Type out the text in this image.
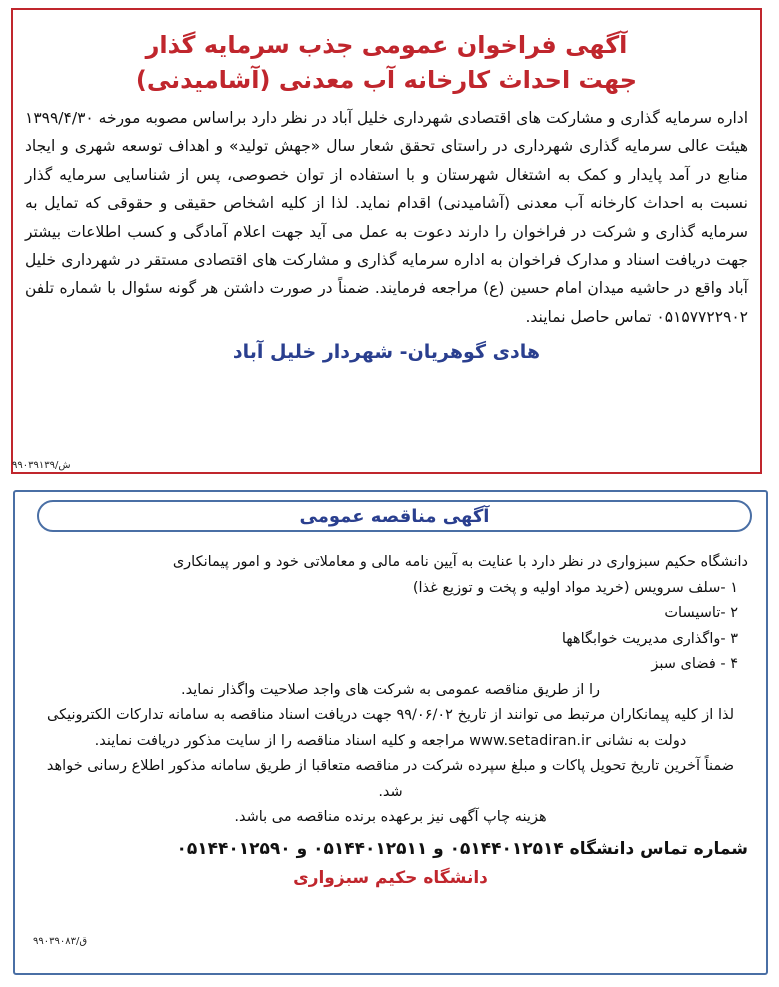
آگهی فراخوان عمومی جذب سرمایه گذار
جهت احداث کارخانه آب معدنی (آشامیدنی)

اداره سرمایه گذاری و مشارکت های اقتصادی شهرداری خلیل آباد در نظر دارد براساس مصوبه مورخه ۱۳۹۹/۴/۳۰ هیئت عالی سرمایه گذاری شهرداری در راستای تحقق شعار سال «جهش تولید» و اهداف توسعه شهری و ایجاد منابع در آمد پایدار و کمک به اشتغال شهرستان و با استفاده از توان خصوصی، پس از شناسایی سرمایه گذار نسبت به احداث کارخانه آب معدنی (آشامیدنی) اقدام نماید. لذا از کلیه اشخاص حقیقی و حقوقی که تمایل به سرمایه گذاری و شرکت در فراخوان را دارند دعوت به عمل می آید جهت اعلام آمادگی و کسب اطلاعات بیشتر جهت دریافت اسناد و مدارک فراخوان به اداره سرمایه گذاری و مشارکت های اقتصادی مستقر در شهرداری خلیل آباد واقع در حاشیه میدان امام حسین (ع) مراجعه فرمایند. ضمناً در صورت داشتن هر گونه سئوال با شماره تلفن ۰۵۱۵۷۷۲۲۹۰۲ تماس حاصل نمایند.

هادی گوهریان- شهردار خلیل آباد
۹۹۰۳۹۱۳۹/ش
آگهی مناقصه عمومی
دانشگاه حکیم سبزواری در نظر دارد با عنایت به آیین نامه مالی و معاملاتی خود و امور پیمانکاری
۱ -سلف سرویس (خرید مواد اولیه و پخت و توزیع غذا)
۲ -تاسیسات
۳ -واگذاری مدیریت خوابگاهها
۴ - فضای سبز
را از طریق مناقصه عمومی به شرکت های واجد صلاحیت واگذار نماید.
لذا از کلیه پیمانکاران مرتبط می توانند از تاریخ ۹۹/۰۶/۰۲ جهت دریافت اسناد مناقصه به سامانه تدارکات الکترونیکی دولت به نشانی www.setadiran.ir مراجعه و کلیه اسناد مناقصه را از سایت مذکور دریافت نمایند.
ضمناً آخرین تاریخ تحویل پاکات و مبلغ سپرده شرکت در مناقصه متعاقبا از طریق سامانه مذکور اطلاع رسانی خواهد شد.
هزینه چاپ آگهی نیز برعهده برنده مناقصه می باشد.
شماره تماس دانشگاه ۰۵۱۴۴۰۱۲۵۱۴ و ۰۵۱۴۴۰۱۲۵۱۱ و ۰۵۱۴۴۰۱۲۵۹۰
دانشگاه حکیم سبزواری
۹۹۰۳۹۰۸۳/ق
